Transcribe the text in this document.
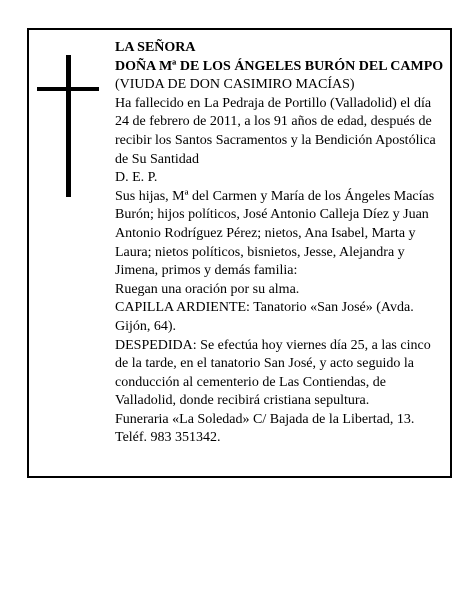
LA SEÑORA

DOÑA Mª DE LOS ÁNGELES BURÓN DEL CAMPO

(VIUDA DE DON CASIMIRO MACÍAS)

Ha fallecido en La Pedraja de Portillo (Valladolid) el día 24 de febrero de 2011, a los 91 años de edad, después de recibir los Santos Sacramentos y la Bendición Apostólica de Su Santidad

D. E. P.

Sus hijas, Mª del Carmen y María de los Ángeles Macías Burón; hijos políticos, José Antonio Calleja Díez y Juan Antonio Rodríguez Pérez; nietos, Ana Isabel, Marta y Laura; nietos políticos, bisnietos, Jesse, Alejandra y Jimena, primos y demás familia:

Ruegan una oración por su alma.

CAPILLA ARDIENTE: Tanatorio «San José» (Avda. Gijón, 64).

DESPEDIDA: Se efectúa hoy viernes día 25, a las cinco de la tarde, en el tanatorio San José, y acto seguido la conducción al cementerio de Las Contiendas, de Valladolid, donde recibirá cristiana sepultura.

Funeraria «La Soledad» C/ Bajada de la Libertad, 13. Teléf. 983 351342.
